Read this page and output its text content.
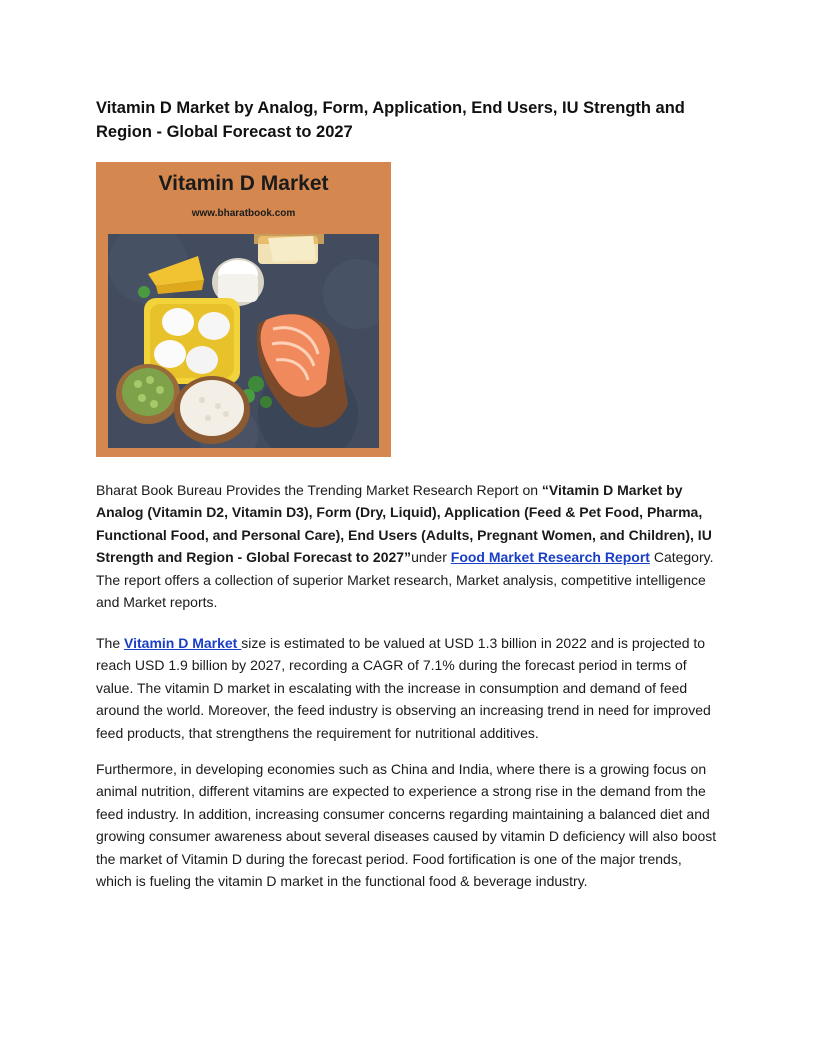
Vitamin D Market by Analog, Form, Application, End Users, IU Strength and Region - Global Forecast to 2027
Vitamin D Market
www.bharatbook.com

Bharat Book Bureau Provides the Trending Market Research Report on “Vitamin D Market by Analog (Vitamin D2, Vitamin D3), Form (Dry, Liquid), Application (Feed & Pet Food, Pharma, Functional Food, and Personal Care), End Users (Adults, Pregnant Women, and Children), IU Strength and Region - Global Forecast to 2027”under Food Market Research Report Category. The report offers a collection of superior Market research, Market analysis, competitive intelligence and Market reports.

The Vitamin D Market size is estimated to be valued at USD 1.3 billion in 2022 and is projected to reach USD 1.9 billion by 2027, recording a CAGR of 7.1% during the forecast period in terms of value. The vitamin D market in escalating with the increase in consumption and demand of feed around the world. Moreover, the feed industry is observing an increasing trend in need for improved feed products, that strengthens the requirement for nutritional additives.

Furthermore, in developing economies such as China and India, where there is a growing focus on animal nutrition, different vitamins are expected to experience a strong rise in the demand from the feed industry. In addition, increasing consumer concerns regarding maintaining a balanced diet and growing consumer awareness about several diseases caused by vitamin D deficiency will also boost the market of Vitamin D during the forecast period. Food fortification is one of the major trends, which is fueling the vitamin D market in the functional food & beverage industry.
